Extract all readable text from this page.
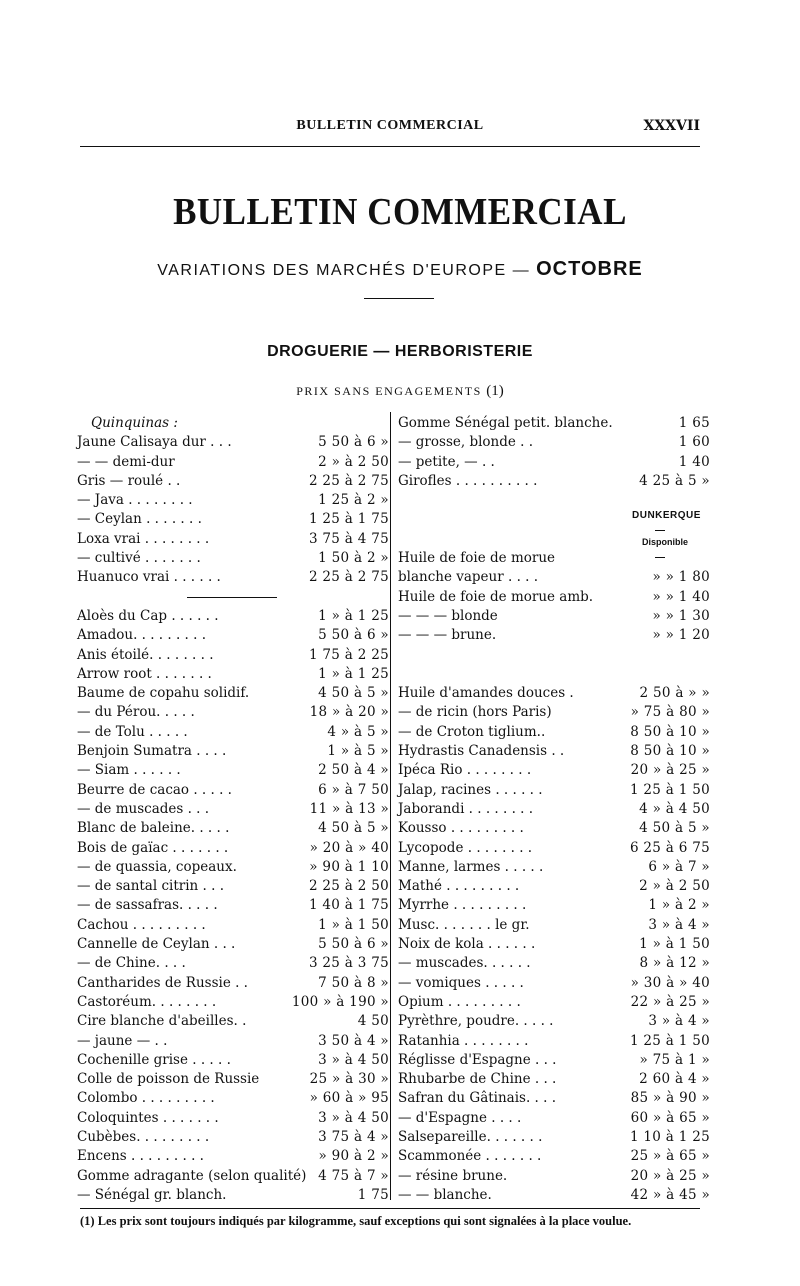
BULLETIN COMMERCIAL	XXXVII
BULLETIN COMMERCIAL
VARIATIONS DES MARCHÉS D'EUROPE — OCTOBRE
DROGUERIE — HERBORISTERIE
PRIX SANS ENGAGEMENTS (1)
Quinquinas :
Jaune Calisaya dur . . .	5 50 à 6 »
— — demi-dur	2 » à 2 50
Gris — roulé . .	2 25 à 2 75
— Java . . . . . . . .	1 25 à 2 »
— Ceylan . . . . . . .	1 25 à 1 75
Loxa vrai . . . . . . . .	3 75 à 4 75
— cultivé . . . . . . .	1 50 à 2 »
Huanuco vrai . . . . . .	2 25 à 2 75
Aloès du Cap . . . . . .	1 » à 1 25
Amadou. . . . . . . . .	5 50 à 6 »
Anis étoilé. . . . . . . .	1 75 à 2 25
Arrow root . . . . . . .	1 » à 1 25
Baume de copahu solidif.	4 50 à 5 »
— du Pérou. . . . .	18 » à 20 »
— de Tolu . . . . .	4 » à 5 »
Benjoin Sumatra . . . .	1 » à 5 »
— Siam . . . . . .	2 50 à 4 »
Beurre de cacao . . . . .	6 » à 7 50
— de muscades . . .	11 » à 13 »
Blanc de baleine. . . . .	4 50 à 5 »
Bois de gaïac . . . . . . .	» 20 à » 40
— de quassia, copeaux.	» 90 à 1 10
— de santal citrin . . .	2 25 à 2 50
— de sassafras. . . . .	1 40 à 1 75
Cachou . . . . . . . . .	1 » à 1 50
Cannelle de Ceylan . . .	5 50 à 6 »
— de Chine. . . .	3 25 à 3 75
Cantharides de Russie . .	7 50 à 8 »
Castoréum. . . . . . . .	100 » à 190 »
Cire blanche d'abeilles. .	4 50
— jaune — . .	3 50 à 4 »
Cochenille grise . . . . .	3 » à 4 50
Colle de poisson de Russie	25 » à 30 »
Colombo . . . . . . . . .	» 60 à » 95
Coloquintes . . . . . . .	3 » à 4 50
Cubèbes. . . . . . . . .	3 75 à 4 »
Encens . . . . . . . . .	» 90 à 2 »
Gomme adragante (selon qualité) 4 75 à 7 »
— Sénégal gr. blanch.	1 75
Gomme Sénégal petit. blanche.	1 65
— grosse, blonde . .	1 60
— petite, — . .	1 40
Girofles . . . . . . . . . .	4 25 à 5 »
Huile de foie de morue
blanche vapeur . . . .	» » 1 80
Huile de foie de morue amb.	» » 1 40
— — — blonde	» » 1 30
— — — brune.	» » 1 20
Huile d'amandes douces .	2 50 à » »
— de ricin (hors Paris)	» 75 à 80 »
— de Croton tiglium..	8 50 à 10 »
Hydrastis Canadensis . .	8 50 à 10 »
Ipéca Rio . . . . . . . .	20 » à 25 »
Jalap, racines . . . . . .	1 25 à 1 50
Jaborandi . . . . . . . .	4 » à 4 50
Kousso . . . . . . . . .	4 50 à 5 »
Lycopode . . . . . . . .	6 25 à 6 75
Manne, larmes . . . . .	6 » à 7 »
Mathé . . . . . . . . .	2 » à 2 50
Myrrhe . . . . . . . . .	1 » à 2 »
Musc. . . . . . . le gr.	3 » à 4 »
Noix de kola . . . . . .	1 » à 1 50
— muscades. . . . . .	8 » à 12 »
— vomiques . . . . .	» 30 à » 40
Opium . . . . . . . . .	22 » à 25 »
Pyrèthre, poudre. . . . .	3 » à 4 »
Ratanhia . . . . . . . .	1 25 à 1 50
Réglisse d'Espagne . . .	» 75 à 1 »
Rhubarbe de Chine . . .	2 60 à 4 »
Safran du Gâtinais. . . .	85 » à 90 »
— d'Espagne . . . .	60 » à 65 »
Salsepareille. . . . . . .	1 10 à 1 25
Scammonée . . . . . . .	25 » à 65 »
— résine brune.	20 » à 25 »
— — blanche.	42 » à 45 »
DUNKERQUE
Disponible
(1) Les prix sont toujours indiqués par kilogramme, sauf exceptions qui sont signalées à la place voulue.
